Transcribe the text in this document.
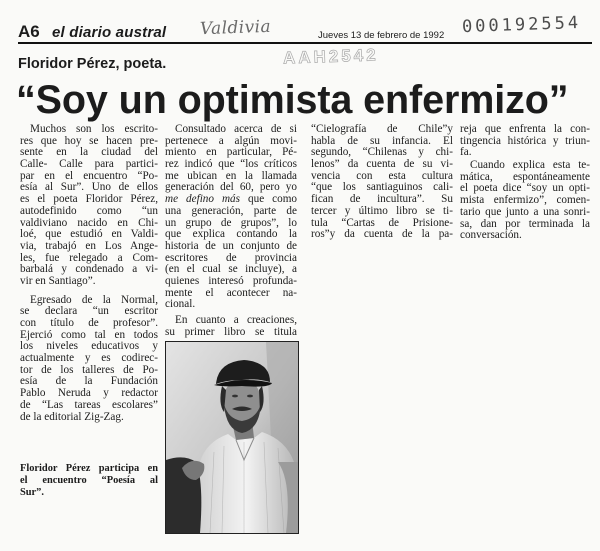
A6 el diario austral Valdivia	Jueves 13 de febrero de 1992 000192554
AAH2542
Floridor Pérez, poeta.
“Soy un optimista enfermizo”
Muchos son los escrito-
res que hoy se hacen pre-
sente en la ciudad del
Calle- Calle para partici-
par en el encuentro “Po-
esía al Sur”. Uno de ellos
es el poeta Floridor Pérez,
autodefinido como “un
valdiviano nacido en Chi-
loé, que estudió en Valdi-
via, trabajó en Los Ange-
les, fue relegado a Com-
barbalá y condenado a vi-
vir en Santiago”.
Egresado de la Normal,
se declara “un escritor
con título de profesor”.
Ejerció como tal en todos
los niveles educativos y
actualmente y es codirec-
tor de los talleres de Po-
esía de la Fundación
Pablo Neruda y redactor
de “Las tareas escolares”
de la editorial Zig-Zag.
Consultado acerca de si
pertenece a algún movi-
miento en particular, Pé-
rez indicó que “los críticos
me ubican en la llamada
generación del 60, pero yo
me defino más que como
una generación, parte de
un grupo de grupos”, lo
que explica contando la
historia de un conjunto de
escritores de provincia
(en el cual se incluye), a
quienes interesó profunda-
mente el acontecer na-
cional.
En cuanto a creaciones,
su primer libro se titula
“Cielografía de Chile”y
habla de su infancia. El
segundo, “Chilenas y chi-
lenos” da cuenta de su vi-
vencia con esta cultura
“que los santiaguinos cali-
fican de incultura”. Su
tercer y último libro se ti-
tula “Cartas de Prisione-
ros”y da cuenta de la pa-
reja que enfrenta la con-
tingencia histórica y triun-
fa.
Cuando explica esta te-
mática, espontáneamente
el poeta dice “soy un opti-
mista enfermizo”, comen-
tario que junto a una sonri-
sa, dan por terminada la
conversación.
Floridor Pérez participa en
el encuentro “Poesía al
Sur”.
